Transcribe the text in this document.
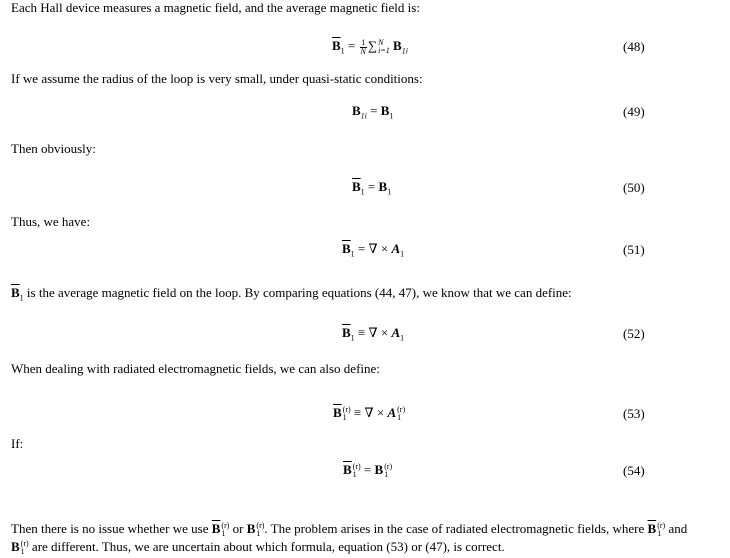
Each Hall device measures a magnetic field, and the average magnetic field is:
$\overline{B}_1 = \frac{1}{N}$ ∑ N
i=1 $B_{1i}$	(48)
If we assume the radius of the loop is very small, under quasi-static conditions:
$B_{1i} = B_1$	(49)
Then obviously:
$\overline{B}_1 = B_1$	(50)
Thus, we have:
$\overline{B}_1$ = ∇ × $A_1$	(51)
$\overline{B}_1$ is the average magnetic field on the loop. By comparing equations (44, 47), we know that we can define:
$\overline{B}_1$ ≡ ∇ × $A_1$	(52)
When dealing with radiated electromagnetic fields, we can also define:
$\overline{B}$ (r)
1 ≡ ∇ × A (r)
1	(53)
If:
$\overline{B}$ (r)
1 = B (r)
1	(54)
Then there is no issue whether we use $\overline{B}$ (r)
1 or B (r)
1 . The problem arises in the case of radiated electromagnetic fields, where $\overline{B}$ (r)
1 and
B (r)
1 are different. Thus, we are uncertain about which formula, equation (53) or (47), is correct.
